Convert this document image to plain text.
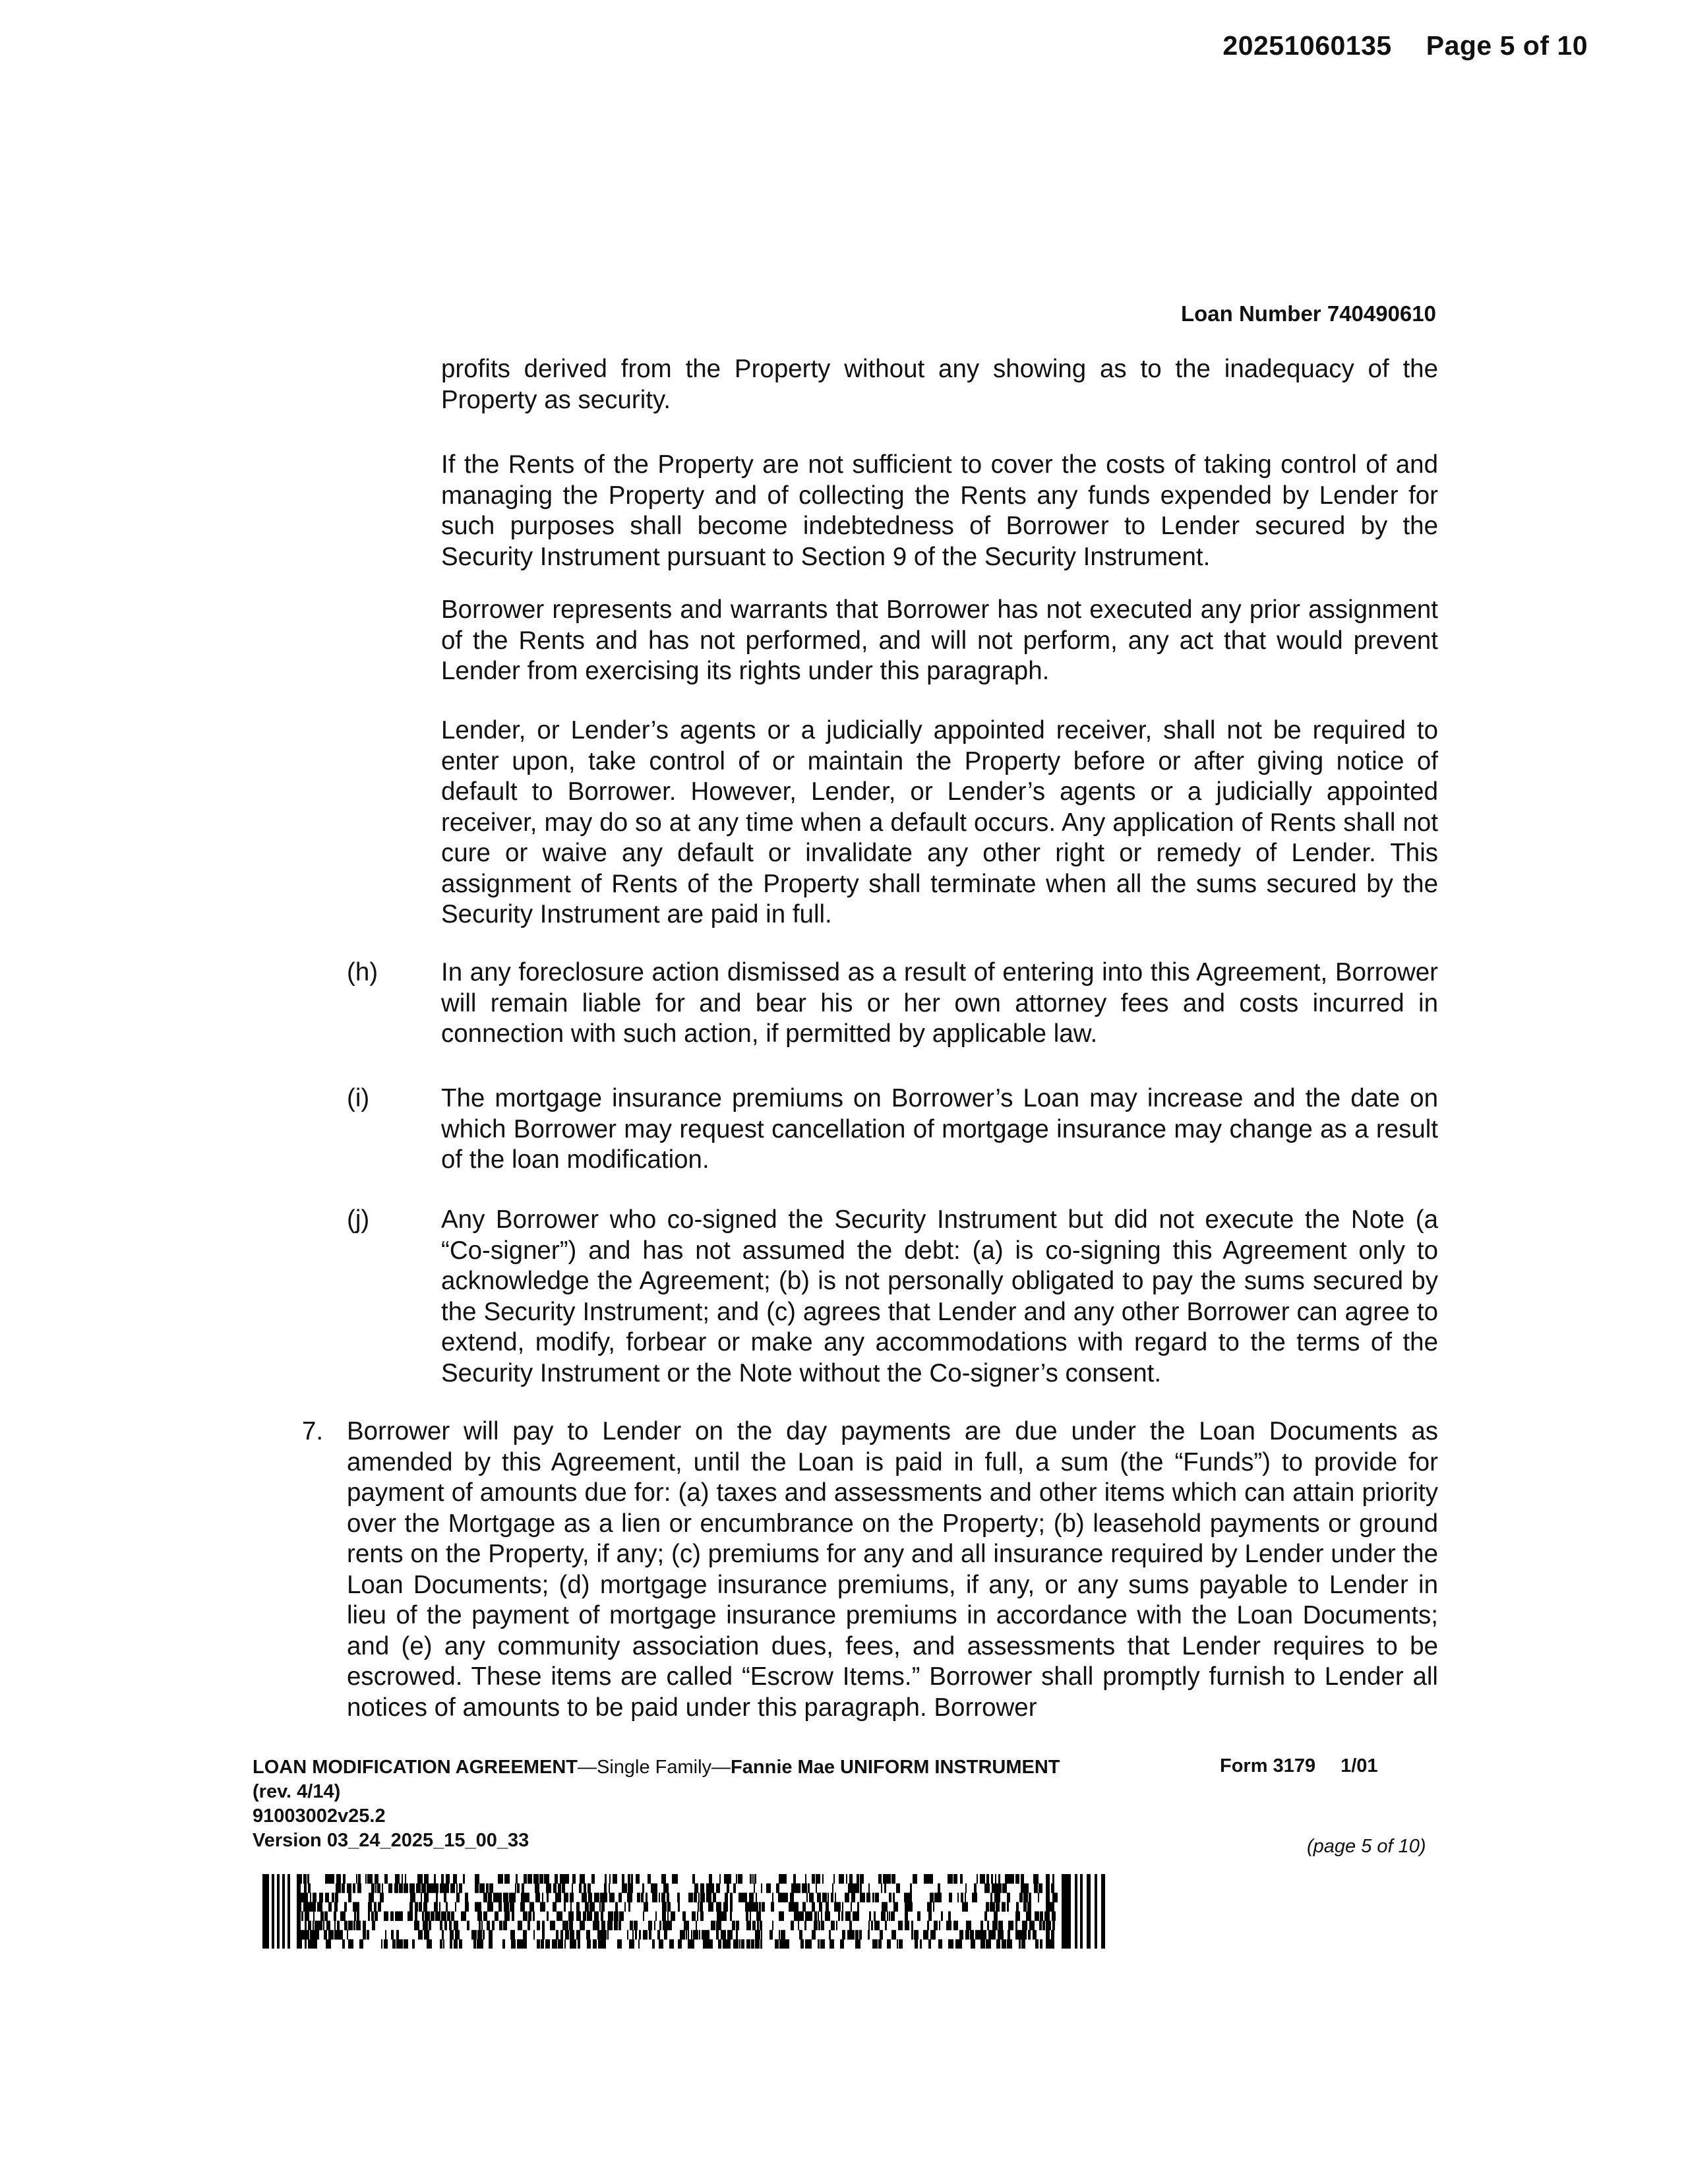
20251060135 Page 5 of 10
Loan Number 740490610

profits derived from the Property without any showing as to the inadequacy of the Property as security.

If the Rents of the Property are not sufficient to cover the costs of taking control of and managing the Property and of collecting the Rents any funds expended by Lender for such purposes shall become indebtedness of Borrower to Lender secured by the Security Instrument pursuant to Section 9 of the Security Instrument.

Borrower represents and warrants that Borrower has not executed any prior assignment of the Rents and has not performed, and will not perform, any act that would prevent Lender from exercising its rights under this paragraph.

Lender, or Lender’s agents or a judicially appointed receiver, shall not be required to enter upon, take control of or maintain the Property before or after giving notice of default to Borrower. However, Lender, or Lender’s agents or a judicially appointed receiver, may do so at any time when a default occurs. Any application of Rents shall not cure or waive any default or invalidate any other right or remedy of Lender. This assignment of Rents of the Property shall terminate when all the sums secured by the Security Instrument are paid in full.

(h) In any foreclosure action dismissed as a result of entering into this Agreement, Borrower will remain liable for and bear his or her own attorney fees and costs incurred in connection with such action, if permitted by applicable law.

(i)	The mortgage insurance premiums on Borrower’s Loan may increase and the date on which Borrower may request cancellation of mortgage insurance may change as a result of the loan modification.

(j)	Any Borrower who co-signed the Security Instrument but did not execute the Note (a “Co-signer”) and has not assumed the debt: (a) is co-signing this Agreement only to acknowledge the Agreement; (b) is not personally obligated to pay the sums secured by the Security Instrument; and (c) agrees that Lender and any other Borrower can agree to extend, modify, forbear or make any accommodations with regard to the terms of the Security Instrument or the Note without the Co-signer’s consent.

7. Borrower will pay to Lender on the day payments are due under the Loan Documents as amended by this Agreement, until the Loan is paid in full, a sum (the “Funds”) to provide for payment of amounts due for: (a) taxes and assessments and other items which can attain priority over the Mortgage as a lien or encumbrance on the Property; (b) leasehold payments or ground rents on the Property, if any; (c) premiums for any and all insurance required by Lender under the Loan Documents; (d) mortgage insurance premiums, if any, or any sums payable to Lender in lieu of the payment of mortgage insurance premiums in accordance with the Loan Documents; and (e) any community association dues, fees, and assessments that Lender requires to be escrowed. These items are called “Escrow Items.” Borrower shall promptly furnish to Lender all notices of amounts to be paid under this paragraph. Borrower

LOAN MODIFICATION AGREEMENT—Single Family—Fannie Mae UNIFORM INSTRUMENT
(rev. 4/14)
91003002v25.2
Version 03_24_2025_15_00_33
Form 3179 1/01
(page 5 of 10)
